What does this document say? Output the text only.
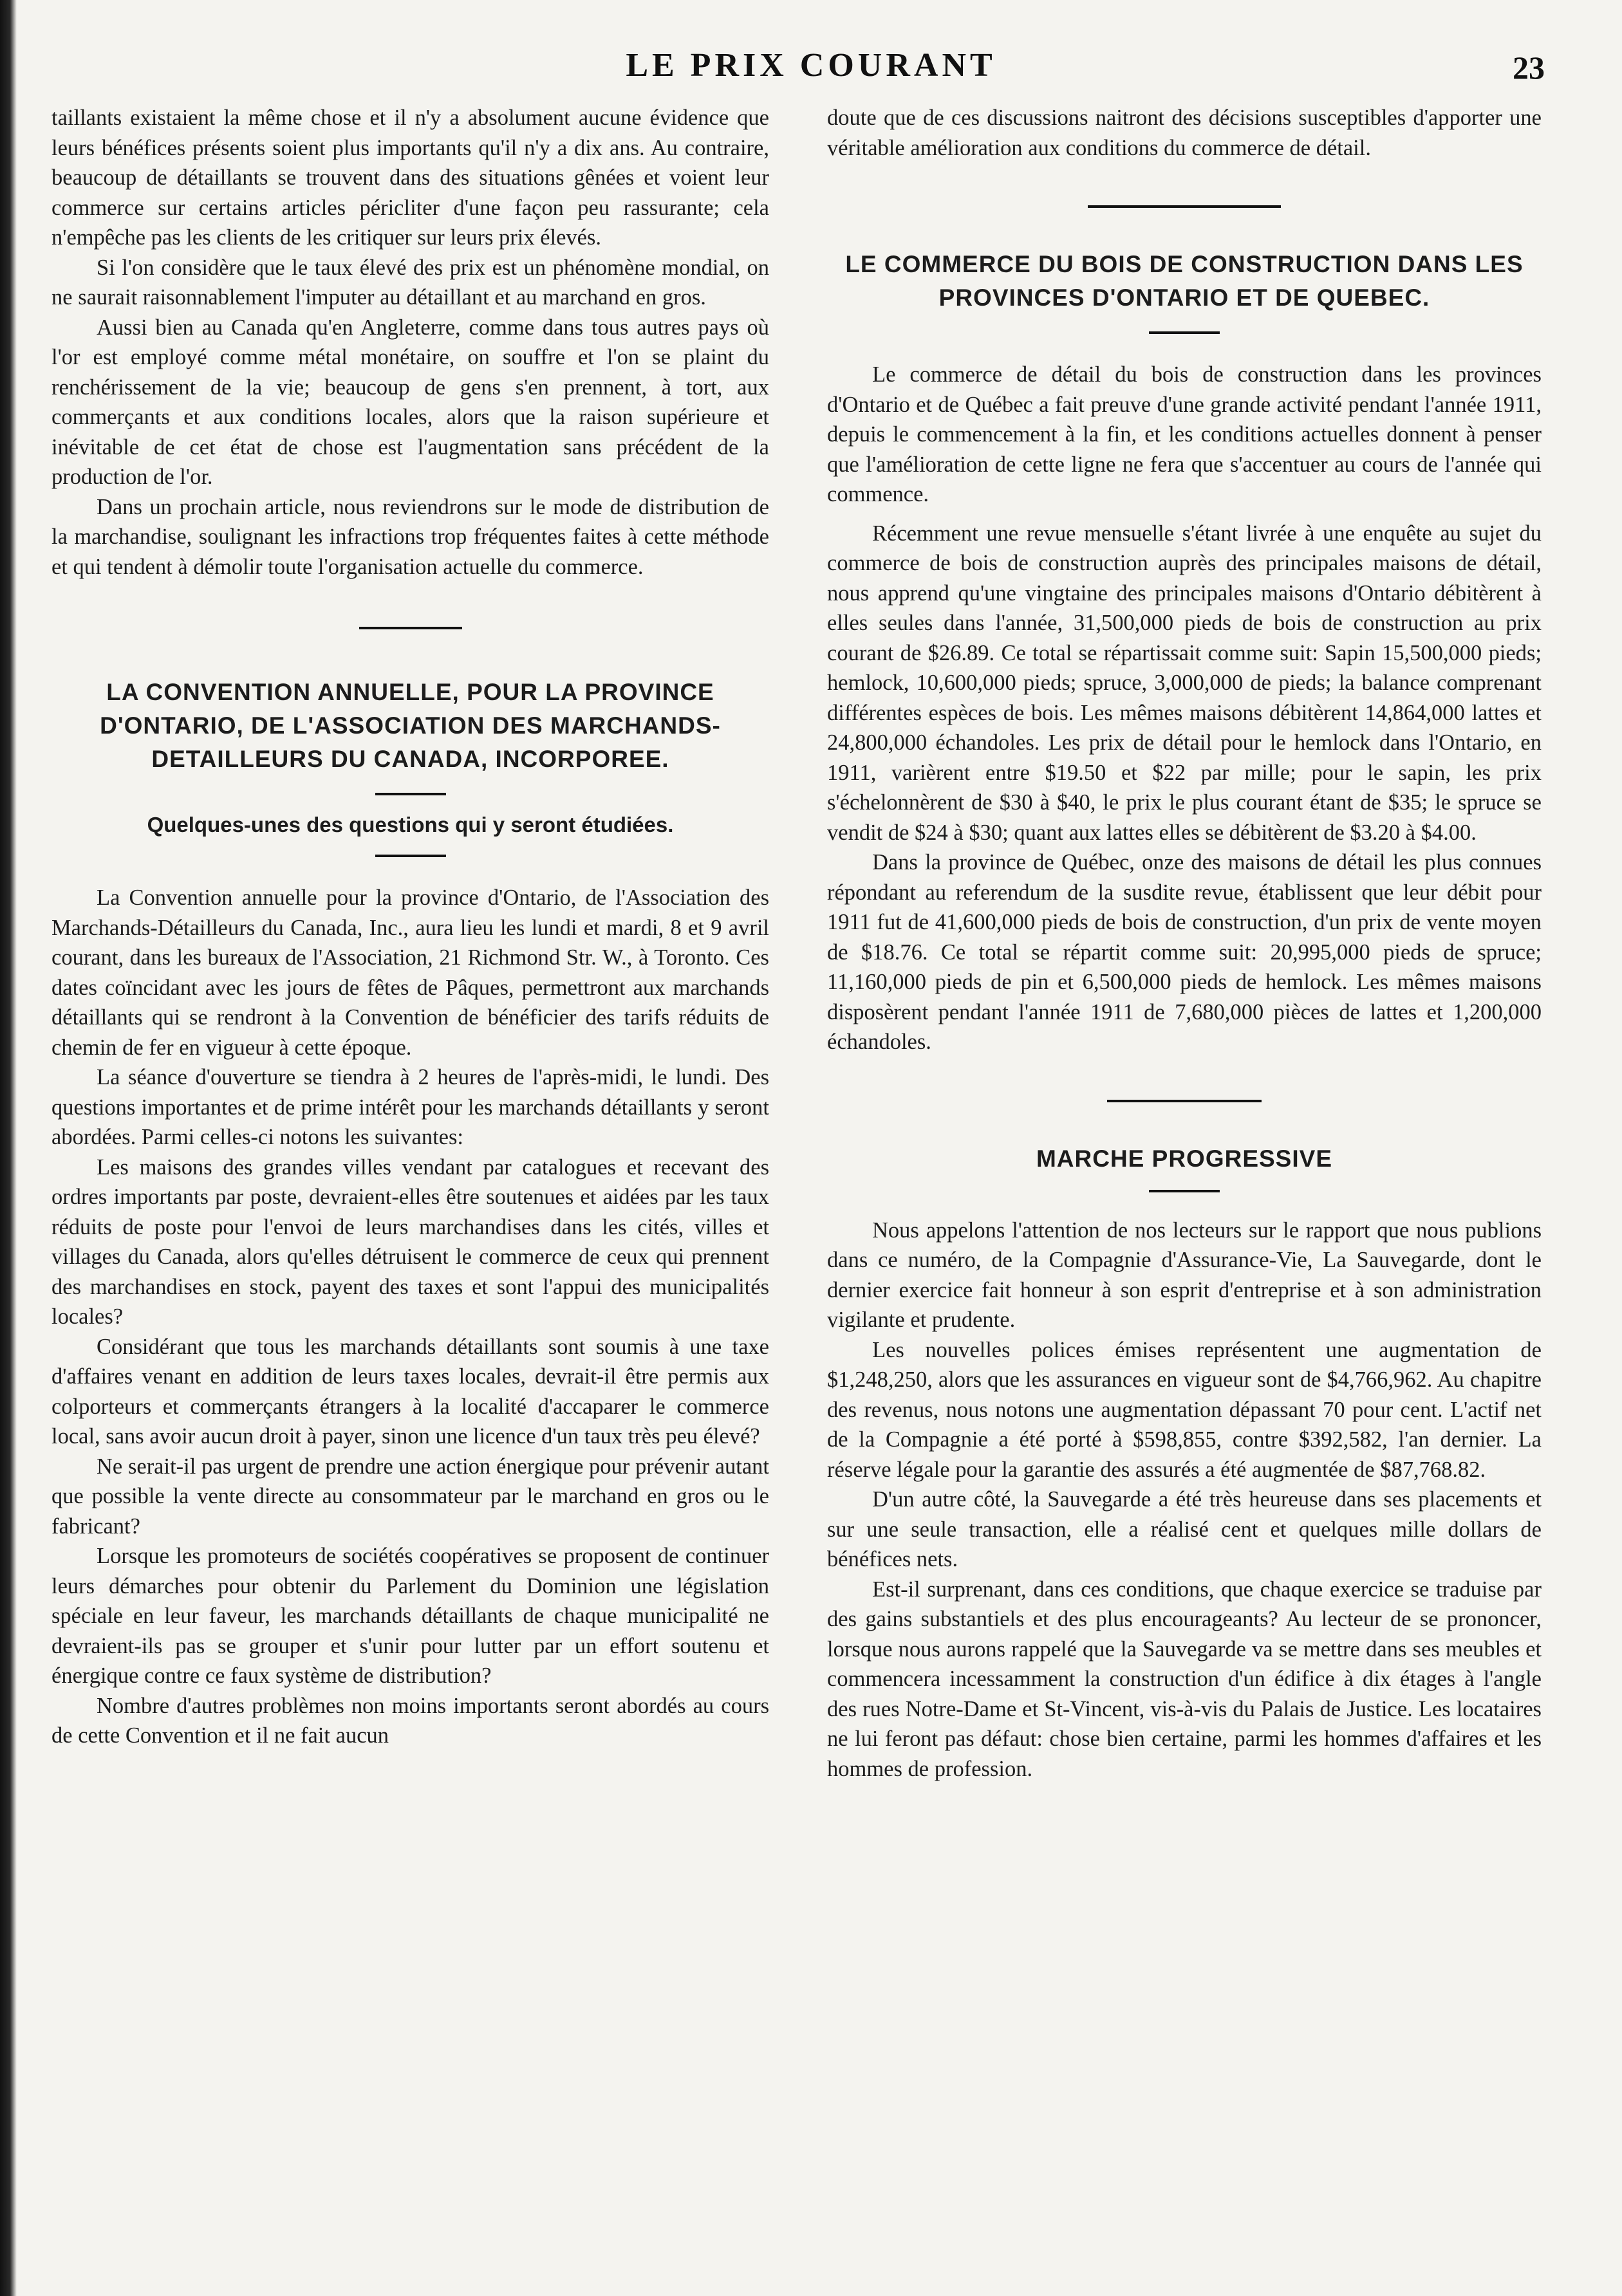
LE PRIX COURANT	23

taillants existaient la même chose et il n'y a absolument aucune évidence que leurs bénéfices présents soient plus importants qu'il n'y a dix ans. Au contraire, beaucoup de détaillants se trouvent dans des situations gênées et voient leur commerce sur certains articles péricliter d'une façon peu rassurante; cela n'empêche pas les clients de les critiquer sur leurs prix élevés.

Si l'on considère que le taux élevé des prix est un phénomène mondial, on ne saurait raisonnablement l'imputer au détaillant et au marchand en gros.

Aussi bien au Canada qu'en Angleterre, comme dans tous autres pays où l'or est employé comme métal monétaire, on souffre et l'on se plaint du renchérissement de la vie; beaucoup de gens s'en prennent, à tort, aux commerçants et aux conditions locales, alors que la raison supérieure et inévitable de cet état de chose est l'augmentation sans précédent de la production de l'or.

Dans un prochain article, nous reviendrons sur le mode de distribution de la marchandise, soulignant les infractions trop fréquentes faites à cette méthode et qui tendent à démolir toute l'organisation actuelle du commerce.

LA CONVENTION ANNUELLE, POUR LA PROVINCE D'ONTARIO, DE L'ASSOCIATION DES MARCHANDS-DETAILLEURS DU CANADA, INCORPOREE.
Quelques-unes des questions qui y seront étudiées.

La Convention annuelle pour la province d'Ontario, de l'Association des Marchands-Détailleurs du Canada, Inc., aura lieu les lundi et mardi, 8 et 9 avril courant, dans les bureaux de l'Association, 21 Richmond Str. W., à Toronto. Ces dates coïncidant avec les jours de fêtes de Pâques, permettront aux marchands détaillants qui se rendront à la Convention de bénéficier des tarifs réduits de chemin de fer en vigueur à cette époque.

La séance d'ouverture se tiendra à 2 heures de l'après-midi, le lundi. Des questions importantes et de prime intérêt pour les marchands détaillants y seront abordées. Parmi celles-ci notons les suivantes:

Les maisons des grandes villes vendant par catalogues et recevant des ordres importants par poste, devraient-elles être soutenues et aidées par les taux réduits de poste pour l'envoi de leurs marchandises dans les cités, villes et villages du Canada, alors qu'elles détruisent le commerce de ceux qui prennent des marchandises en stock, payent des taxes et sont l'appui des municipalités locales?

Considérant que tous les marchands détaillants sont soumis à une taxe d'affaires venant en addition de leurs taxes locales, devrait-il être permis aux colporteurs et commerçants étrangers à la localité d'accaparer le commerce local, sans avoir aucun droit à payer, sinon une licence d'un taux très peu élevé?

Ne serait-il pas urgent de prendre une action énergique pour prévenir autant que possible la vente directe au consommateur par le marchand en gros ou le fabricant?

Lorsque les promoteurs de sociétés coopératives se proposent de continuer leurs démarches pour obtenir du Parlement du Dominion une législation spéciale en leur faveur, les marchands détaillants de chaque municipalité ne devraient-ils pas se grouper et s'unir pour lutter par un effort soutenu et énergique contre ce faux système de distribution?

Nombre d'autres problèmes non moins importants seront abordés au cours de cette Convention et il ne fait aucun

doute que de ces discussions naitront des décisions susceptibles d'apporter une véritable amélioration aux conditions du commerce de détail.

LE COMMERCE DU BOIS DE CONSTRUCTION DANS LES PROVINCES D'ONTARIO ET DE QUEBEC.

Le commerce de détail du bois de construction dans les provinces d'Ontario et de Québec a fait preuve d'une grande activité pendant l'année 1911, depuis le commencement à la fin, et les conditions actuelles donnent à penser que l'amélioration de cette ligne ne fera que s'accentuer au cours de l'année qui commence.

Récemment une revue mensuelle s'étant livrée à une enquête au sujet du commerce de bois de construction auprès des principales maisons de détail, nous apprend qu'une vingtaine des principales maisons d'Ontario débitèrent à elles seules dans l'année, 31,500,000 pieds de bois de construction au prix courant de $26.89. Ce total se répartissait comme suit: Sapin 15,500,000 pieds; hemlock, 10,600,000 pieds; spruce, 3,000,000 de pieds; la balance comprenant différentes espèces de bois. Les mêmes maisons débitèrent 14,864,000 lattes et 24,800,000 échandoles. Les prix de détail pour le hemlock dans l'Ontario, en 1911, varièrent entre $19.50 et $22 par mille; pour le sapin, les prix s'échelonnèrent de $30 à $40, le prix le plus courant étant de $35; le spruce se vendit de $24 à $30; quant aux lattes elles se débitèrent de $3.20 à $4.00.

Dans la province de Québec, onze des maisons de détail les plus connues répondant au referendum de la susdite revue, établissent que leur débit pour 1911 fut de 41,600,000 pieds de bois de construction, d'un prix de vente moyen de $18.76. Ce total se répartit comme suit: 20,995,000 pieds de spruce; 11,160,000 pieds de pin et 6,500,000 pieds de hemlock. Les mêmes maisons disposèrent pendant l'année 1911 de 7,680,000 pièces de lattes et 1,200,000 échandoles.

MARCHE PROGRESSIVE

Nous appelons l'attention de nos lecteurs sur le rapport que nous publions dans ce numéro, de la Compagnie d'Assurance-Vie, La Sauvegarde, dont le dernier exercice fait honneur à son esprit d'entreprise et à son administration vigilante et prudente.

Les nouvelles polices émises représentent une augmentation de $1,248,250, alors que les assurances en vigueur sont de $4,766,962. Au chapitre des revenus, nous notons une augmentation dépassant 70 pour cent. L'actif net de la Compagnie a été porté à $598,855, contre $392,582, l'an dernier. La réserve légale pour la garantie des assurés a été augmentée de $87,768.82.

D'un autre côté, la Sauvegarde a été très heureuse dans ses placements et sur une seule transaction, elle a réalisé cent et quelques mille dollars de bénéfices nets.

Est-il surprenant, dans ces conditions, que chaque exercice se traduise par des gains substantiels et des plus encourageants? Au lecteur de se prononcer, lorsque nous aurons rappelé que la Sauvegarde va se mettre dans ses meubles et commencera incessamment la construction d'un édifice à dix étages à l'angle des rues Notre-Dame et St-Vincent, vis-à-vis du Palais de Justice. Les locataires ne lui feront pas défaut: chose bien certaine, parmi les hommes d'affaires et les hommes de profession.
